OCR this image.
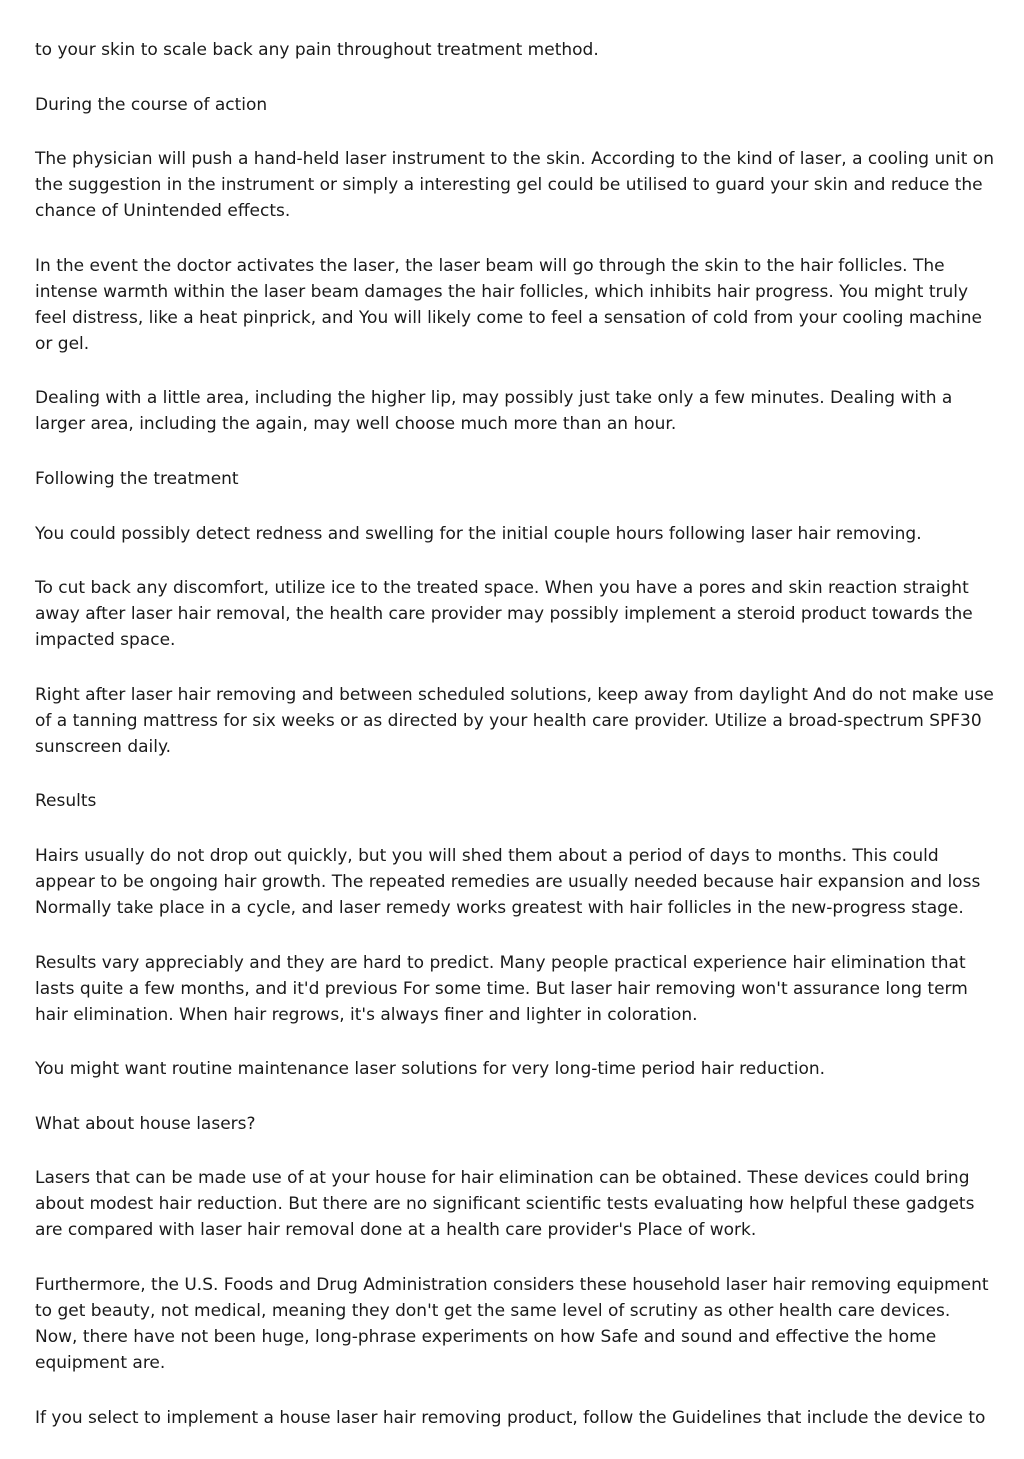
to your skin to scale back any pain throughout treatment method.

During the course of action

The physician will push a hand-held laser instrument to the skin. According to the kind of laser, a cooling unit on the suggestion in the instrument or simply a interesting gel could be utilised to guard your skin and reduce the chance of Unintended effects.

In the event the doctor activates the laser, the laser beam will go through the skin to the hair follicles. The intense warmth within the laser beam damages the hair follicles, which inhibits hair progress. You might truly feel distress, like a heat pinprick, and You will likely come to feel a sensation of cold from your cooling machine or gel.

Dealing with a little area, including the higher lip, may possibly just take only a few minutes. Dealing with a larger area, including the again, may well choose much more than an hour.

Following the treatment

You could possibly detect redness and swelling for the initial couple hours following laser hair removing.

To cut back any discomfort, utilize ice to the treated space. When you have a pores and skin reaction straight away after laser hair removal, the health care provider may possibly implement a steroid product towards the impacted space.

Right after laser hair removing and between scheduled solutions, keep away from daylight And do not make use of a tanning mattress for six weeks or as directed by your health care provider. Utilize a broad-spectrum SPF30 sunscreen daily.

Results

Hairs usually do not drop out quickly, but you will shed them about a period of days to months. This could appear to be ongoing hair growth. The repeated remedies are usually needed because hair expansion and loss Normally take place in a cycle, and laser remedy works greatest with hair follicles in the new-progress stage.

Results vary appreciably and they are hard to predict. Many people practical experience hair elimination that lasts quite a few months, and it'd previous For some time. But laser hair removing won't assurance long term hair elimination. When hair regrows, it's always finer and lighter in coloration.

You might want routine maintenance laser solutions for very long-time period hair reduction.

What about house lasers?

Lasers that can be made use of at your house for hair elimination can be obtained. These devices could bring about modest hair reduction. But there are no significant scientific tests evaluating how helpful these gadgets are compared with laser hair removal done at a health care provider's Place of work.

Furthermore, the U.S. Foods and Drug Administration considers these household laser hair removing equipment to get beauty, not medical, meaning they don't get the same level of scrutiny as other health care devices. Now, there have not been huge, long-phrase experiments on how Safe and sound and effective the home equipment are.

If you select to implement a house laser hair removing product, follow the Guidelines that include the device to
